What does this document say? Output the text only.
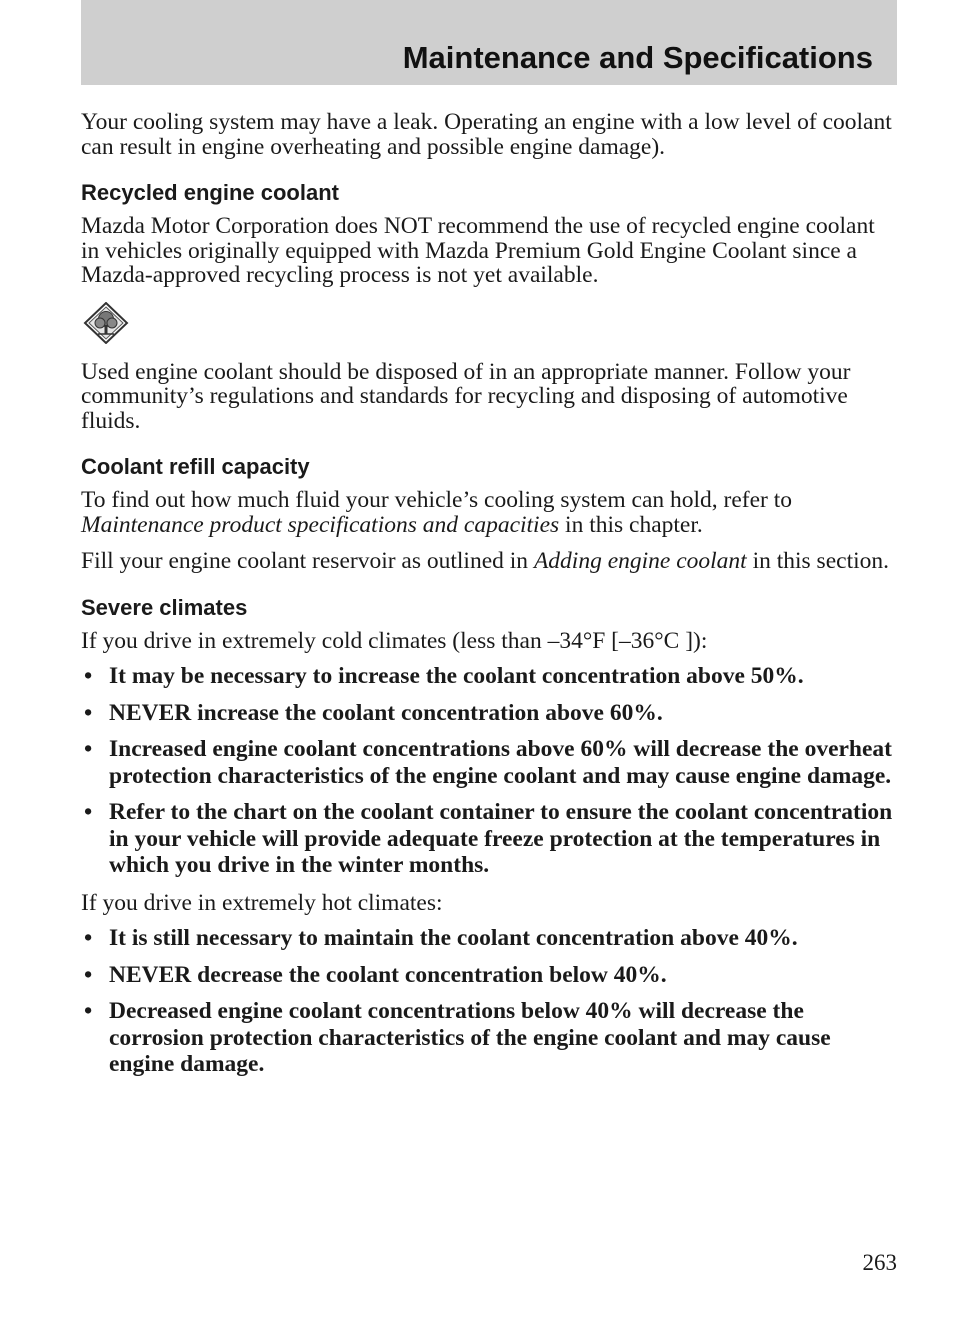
Maintenance and Specifications

Your cooling system may have a leak. Operating an engine with a low level of coolant can result in engine overheating and possible engine damage).

Recycled engine coolant

Mazda Motor Corporation does NOT recommend the use of recycled engine coolant in vehicles originally equipped with Mazda Premium Gold Engine Coolant since a Mazda-approved recycling process is not yet available.

Used engine coolant should be disposed of in an appropriate manner. Follow your community’s regulations and standards for recycling and disposing of automotive fluids.

Coolant refill capacity

To find out how much fluid your vehicle’s cooling system can hold, refer to Maintenance product specifications and capacities in this chapter.

Fill your engine coolant reservoir as outlined in Adding engine coolant in this section.

Severe climates

If you drive in extremely cold climates (less than –34°F [–36°C ]):

• It may be necessary to increase the coolant concentration above 50%.
• NEVER increase the coolant concentration above 60%.
• Increased engine coolant concentrations above 60% will decrease the overheat protection characteristics of the engine coolant and may cause engine damage.
• Refer to the chart on the coolant container to ensure the coolant concentration in your vehicle will provide adequate freeze protection at the temperatures in which you drive in the winter months.

If you drive in extremely hot climates:

• It is still necessary to maintain the coolant concentration above 40%.
• NEVER decrease the coolant concentration below 40%.
• Decreased engine coolant concentrations below 40% will decrease the corrosion protection characteristics of the engine coolant and may cause engine damage.
263
